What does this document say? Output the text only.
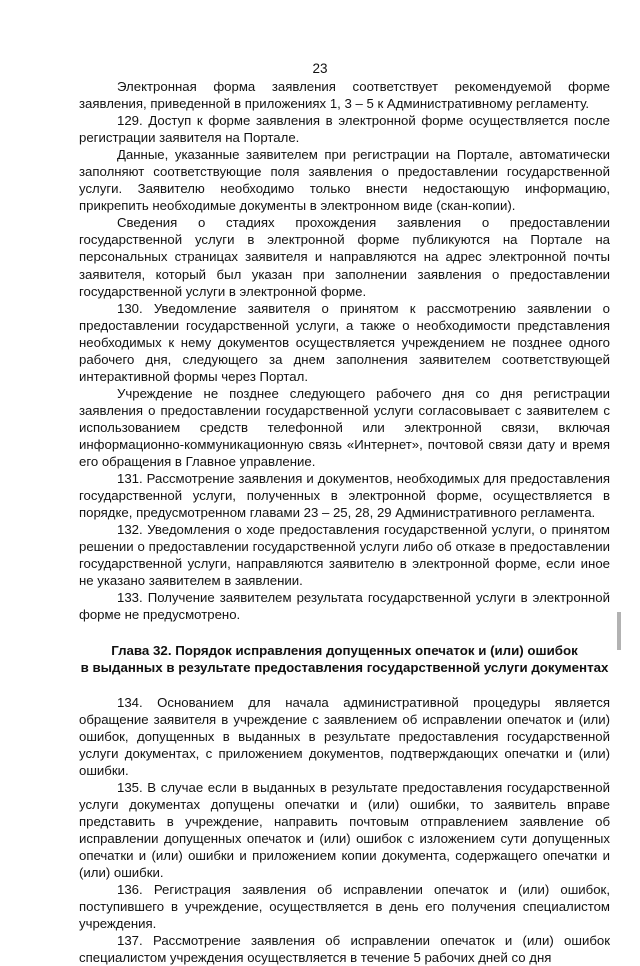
23

Электронная форма заявления соответствует рекомендуемой форме заявления, приведенной в приложениях 1, 3 – 5 к Административному регламенту.

129. Доступ к форме заявления в электронной форме осуществляется после регистрации заявителя на Портале.

Данные, указанные заявителем при регистрации на Портале, автоматически заполняют соответствующие поля заявления о предоставлении государственной услуги. Заявителю необходимо только внести недостающую информацию, прикрепить необходимые документы в электронном виде (скан-копии).

Сведения о стадиях прохождения заявления о предоставлении государственной услуги в электронной форме публикуются на Портале на персональных страницах заявителя и направляются на адрес электронной почты заявителя, который был указан при заполнении заявления о предоставлении государственной услуги в электронной форме.

130. Уведомление заявителя о принятом к рассмотрению заявлении о предоставлении государственной услуги, а также о необходимости представления необходимых к нему документов осуществляется учреждением не позднее одного рабочего дня, следующего за днем заполнения заявителем соответствующей интерактивной формы через Портал.

Учреждение не позднее следующего рабочего дня со дня регистрации заявления о предоставлении государственной услуги согласовывает с заявителем с использованием средств телефонной или электронной связи, включая информационно-коммуникационную связь «Интернет», почтовой связи дату и время его обращения в Главное управление.

131. Рассмотрение заявления и документов, необходимых для предоставления государственной услуги, полученных в электронной форме, осуществляется в порядке, предусмотренном главами 23 – 25, 28, 29 Административного регламента.

132. Уведомления о ходе предоставления государственной услуги, о принятом решении о предоставлении государственной услуги либо об отказе в предоставлении государственной услуги, направляются заявителю в электронной форме, если иное не указано заявителем в заявлении.

133. Получение заявителем результата государственной услуги в электронной форме не предусмотрено.

Глава 32. Порядок исправления допущенных опечаток и (или) ошибок
в выданных в результате предоставления государственной услуги документах

134. Основанием для начала административной процедуры является обращение заявителя в учреждение с заявлением об исправлении опечаток и (или) ошибок, допущенных в выданных в результате предоставления государственной услуги документах, с приложением документов, подтверждающих опечатки и (или) ошибки.

135. В случае если в выданных в результате предоставления государственной услуги документах допущены опечатки и (или) ошибки, то заявитель вправе представить в учреждение, направить почтовым отправлением заявление об исправлении допущенных опечаток и (или) ошибок с изложением сути допущенных опечатки и (или) ошибки и приложением копии документа, содержащего опечатки и (или) ошибки.

136. Регистрация заявления об исправлении опечаток и (или) ошибок, поступившего в учреждение, осуществляется в день его получения специалистом учреждения.

137. Рассмотрение заявления об исправлении опечаток и (или) ошибок специалистом учреждения осуществляется в течение 5 рабочих дней со дня
